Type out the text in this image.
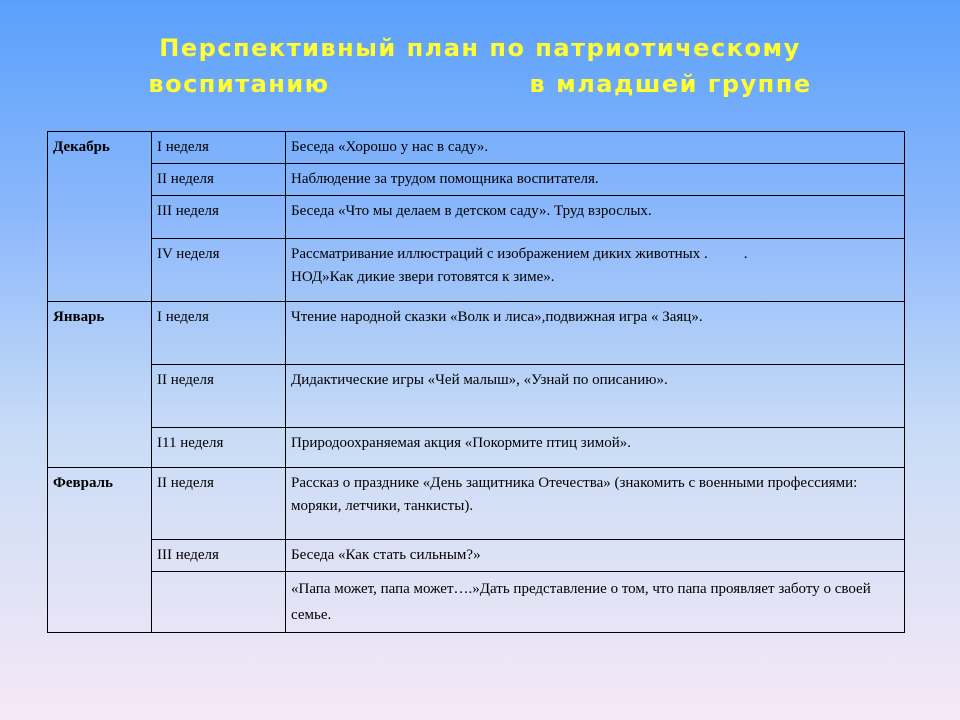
Перспективный план по патриотическому
воспитанию	в младшей группе
Декабрь	I неделя	Беседа «Хорошо у нас в саду».
	II неделя	Наблюдение за трудом помощника воспитателя.
	III неделя	Беседа «Что мы делаем в детском саду». Труд взрослых.
	IV неделя	Рассматривание иллюстраций с изображением диких животных . .
НОД»Как дикие звери готовятся к зиме».
Январь	I неделя	Чтение народной сказки «Волк и лиса»,подвижная игра « Заяц».
	II неделя	Дидактические игры «Чей малыш», «Узнай по описанию».
	I11 неделя	Природоохраняемая акция «Покормите птиц зимой».
Февраль	II неделя	Рассказ о празднике «День защитника Отечества» (знакомить с военными профессиями: моряки, летчики, танкисты).
	III неделя	Беседа «Как стать сильным?»
		«Папа может, папа может….»Дать представление о том, что папа проявляет заботу о своей семье.
